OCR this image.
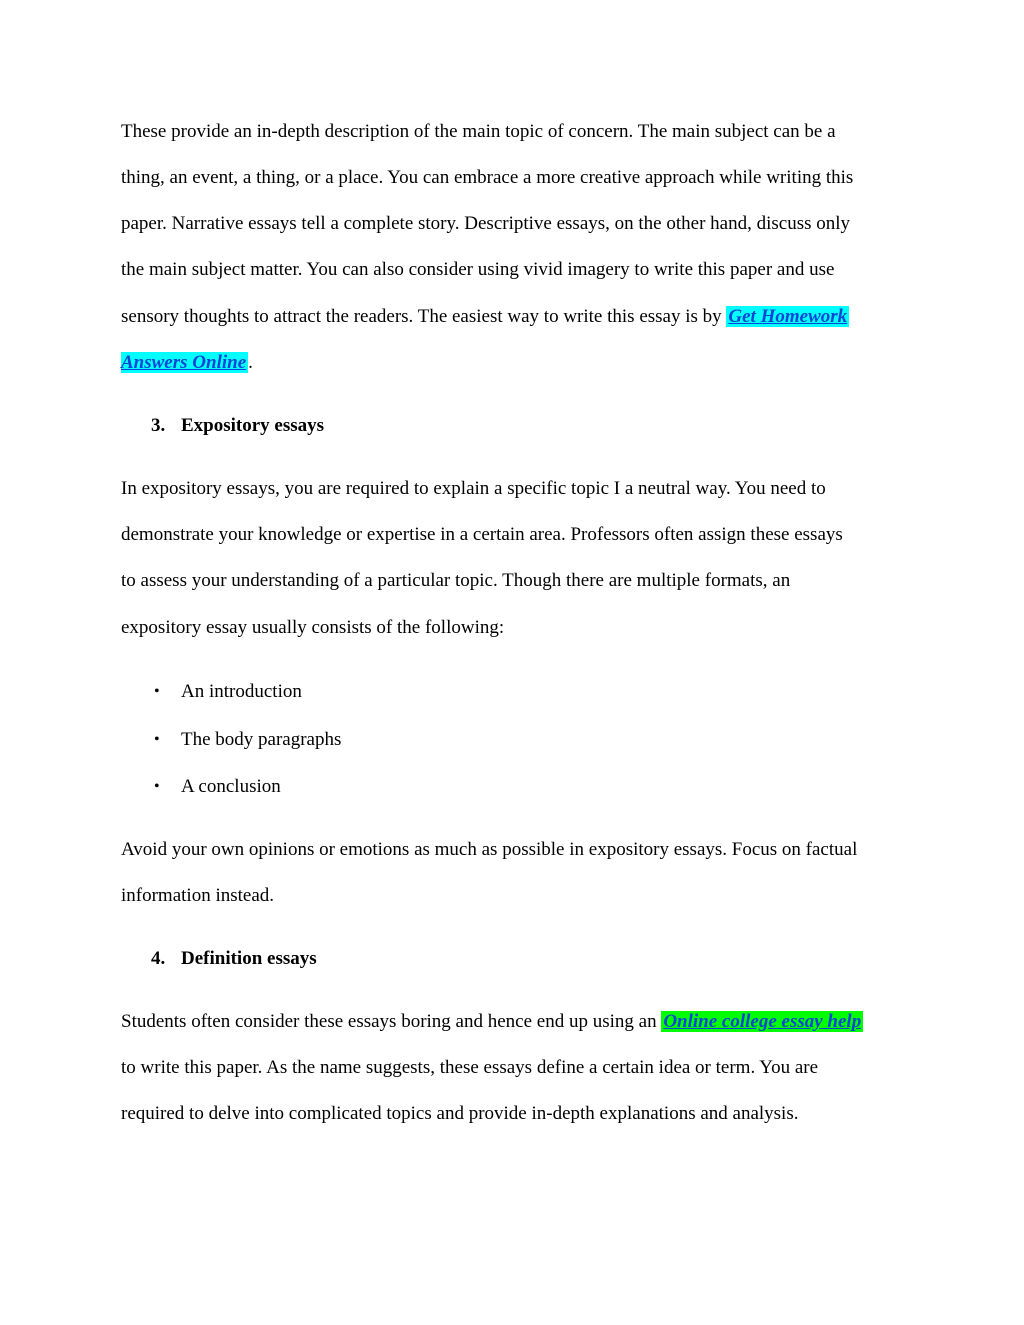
These provide an in-depth description of the main topic of concern. The main subject can be a
thing, an event, a thing, or a place. You can embrace a more creative approach while writing this
paper. Narrative essays tell a complete story. Descriptive essays, on the other hand, discuss only
the main subject matter. You can also consider using vivid imagery to write this paper and use
sensory thoughts to attract the readers. The easiest way to write this essay is by Get Homework
Answers Online .
3. Expository essays
In expository essays, you are required to explain a specific topic I a neutral way. You need to
demonstrate your knowledge or expertise in a certain area. Professors often assign these essays
to assess your understanding of a particular topic. Though there are multiple formats, an
expository essay usually consists of the following:
• An introduction
• The body paragraphs
• A conclusion
Avoid your own opinions or emotions as much as possible in expository essays. Focus on factual
information instead.
4. Definition essays
Students often consider these essays boring and hence end up using an Online college essay help
to write this paper. As the name suggests, these essays define a certain idea or term. You are
required to delve into complicated topics and provide in-depth explanations and analysis.
